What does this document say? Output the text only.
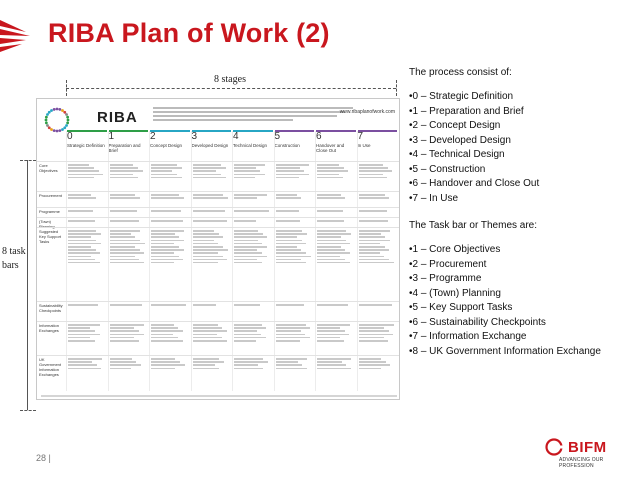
RIBA Plan of Work (2)
8 stages
8 task
bars
RIBA	www.ribaplanofwork.com
0
Strategic Definition
1
Preparation and Brief
2
Concept Design
3
Developed Design
4
Technical Design
5
Construction
6
Handover and Close Out
7
In Use
Core Objectives
Procurement
Programme
(Town) Planning
Suggested Key Support Tasks
Sustainability Checkpoints
Information Exchanges
UK Government Information Exchanges
The process consist of:
•0 – Strategic Definition
•1 – Preparation and Brief
•2 – Concept Design
•3 – Developed Design
•4 – Technical Design
•5 – Construction
•6 – Handover and Close Out
•7 – In Use
The Task bar or Themes are:
•1 – Core Objectives
•2 – Procurement
•3 – Programme
•4 – (Town) Planning
•5 – Key Support Tasks
•6 – Sustainability Checkpoints
•7 – Information Exchange
•8 – UK Government Information Exchange
28 |
BIFM
ADVANCING OUR PROFESSION
